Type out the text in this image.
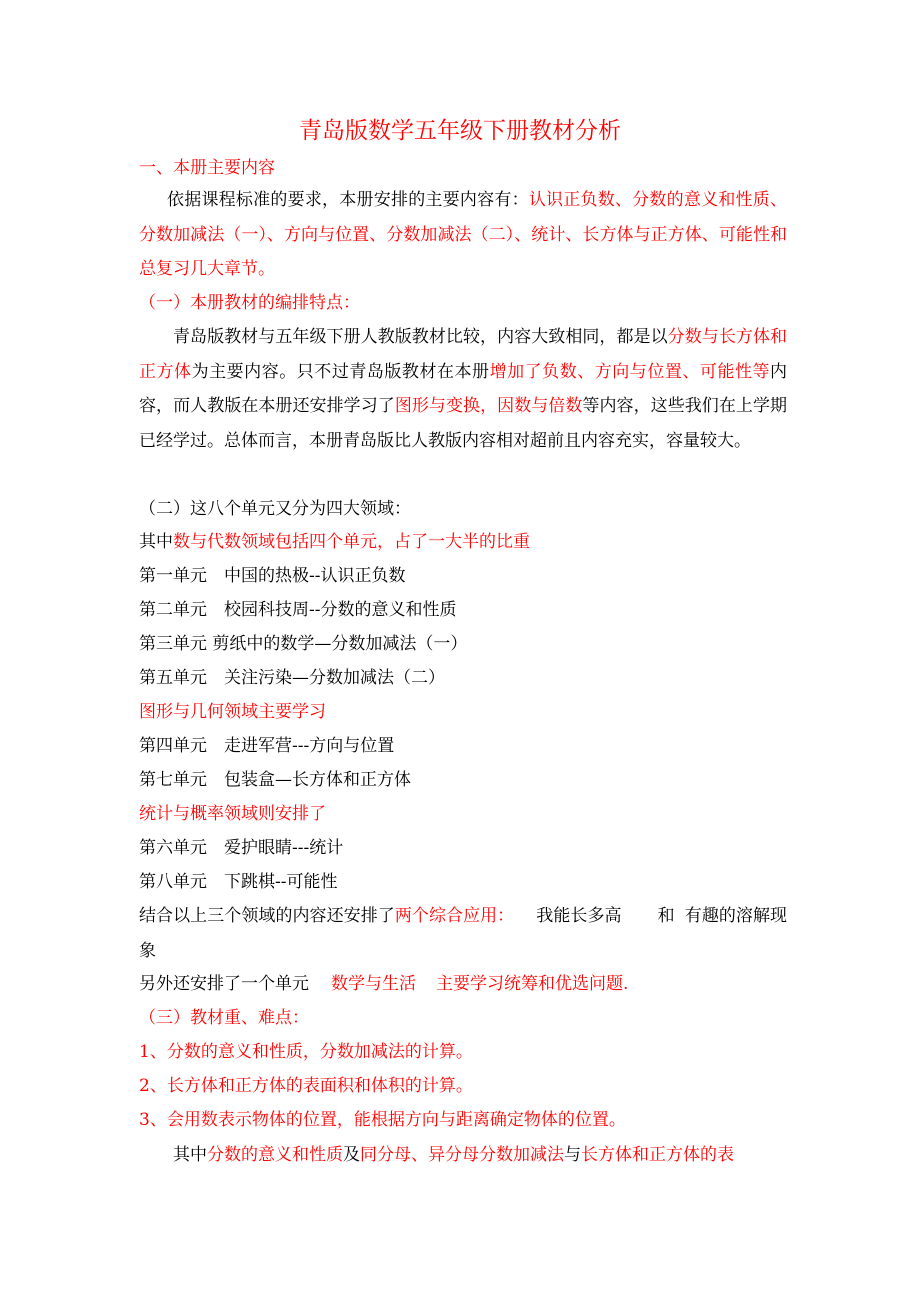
青岛版数学五年级下册教材分析
一、本册主要内容
依据课程标准的要求，本册安排的主要内容有：认识正负数、分数的意义和性质、分数加减法（一）、方向与位置、分数加减法（二）、统计、长方体与正方体、可能性和总复习几大章节。
（一）本册教材的编排特点：
青岛版教材与五年级下册人教版教材比较，内容大致相同，都是以分数与长方体和正方体为主要内容。只不过青岛版教材在本册增加了负数、方向与位置、可能性等内容，而人教版在本册还安排学习了图形与变换，因数与倍数等内容，这些我们在上学期已经学过。总体而言，本册青岛版比人教版内容相对超前且内容充实，容量较大。
（二）这八个单元又分为四大领域：
其中数与代数领域包括四个单元，占了一大半的比重
第一单元　中国的热极--认识正负数
第二单元　校园科技周--分数的意义和性质
第三单元 剪纸中的数学—分数加减法（一）
第五单元　关注污染—分数加减法（二）
图形与几何领域主要学习
第四单元　走进军营---方向与位置
第七单元　包装盒—长方体和正方体
统计与概率领域则安排了
第六单元　爱护眼睛---统计
第八单元　下跳棋--可能性
结合以上三个领域的内容还安排了两个综合应用： 我能长多高 和 有趣的溶解现象
另外还安排了一个单元 数学与生活 主要学习统筹和优选问题.
（三）教材重、难点：
1、分数的意义和性质，分数加减法的计算。
2、长方体和正方体的表面积和体积的计算。
3、会用数表示物体的位置，能根据方向与距离确定物体的位置。
其中分数的意义和性质及同分母、异分母分数加减法与长方体和正方体的表
